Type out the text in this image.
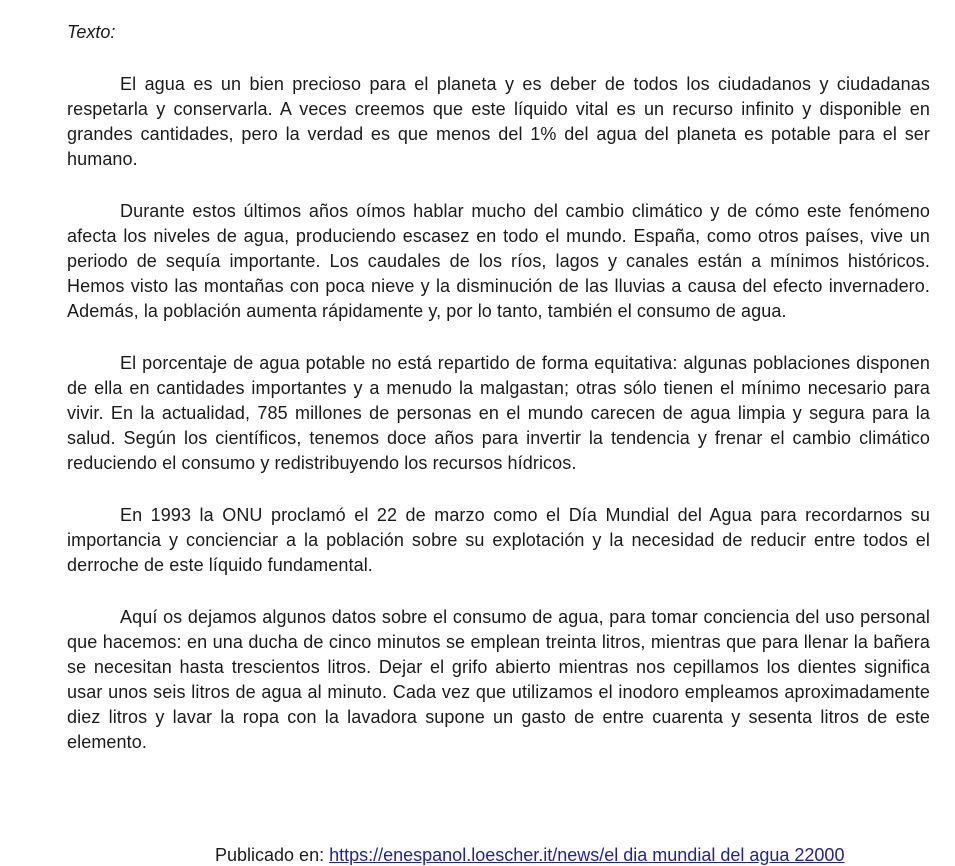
Texto:

El agua es un bien precioso para el planeta y es deber de todos los ciudadanos y ciudadanas respetarla y conservarla. A veces creemos que este líquido vital es un recurso infinito y disponible en grandes cantidades, pero la verdad es que menos del 1% del agua del planeta es potable para el ser humano.

Durante estos últimos años oímos hablar mucho del cambio climático y de cómo este fenómeno afecta los niveles de agua, produciendo escasez en todo el mundo. España, como otros países, vive un periodo de sequía importante. Los caudales de los ríos, lagos y canales están a mínimos históricos. Hemos visto las montañas con poca nieve y la disminución de las lluvias a causa del efecto invernadero. Además, la población aumenta rápidamente y, por lo tanto, también el consumo de agua.

El porcentaje de agua potable no está repartido de forma equitativa: algunas poblaciones disponen de ella en cantidades importantes y a menudo la malgastan; otras sólo tienen el mínimo necesario para vivir. En la actualidad, 785 millones de personas en el mundo carecen de agua limpia y segura para la salud. Según los científicos, tenemos doce años para invertir la tendencia y frenar el cambio climático reduciendo el consumo y redistribuyendo los recursos hídricos.

En 1993 la ONU proclamó el 22 de marzo como el Día Mundial del Agua para recordarnos su importancia y concienciar a la población sobre su explotación y la necesidad de reducir entre todos el derroche de este líquido fundamental.

Aquí os dejamos algunos datos sobre el consumo de agua, para tomar conciencia del uso personal que hacemos: en una ducha de cinco minutos se emplean treinta litros, mientras que para llenar la bañera se necesitan hasta trescientos litros. Dejar el grifo abierto mientras nos cepillamos los dientes significa usar unos seis litros de agua al minuto. Cada vez que utilizamos el inodoro empleamos aproximadamente diez litros y lavar la ropa con la lavadora supone un gasto de entre cuarenta y sesenta litros de este elemento.

Publicado en: https://enespanol.loescher.it/news/el dia mundial del agua 22000
